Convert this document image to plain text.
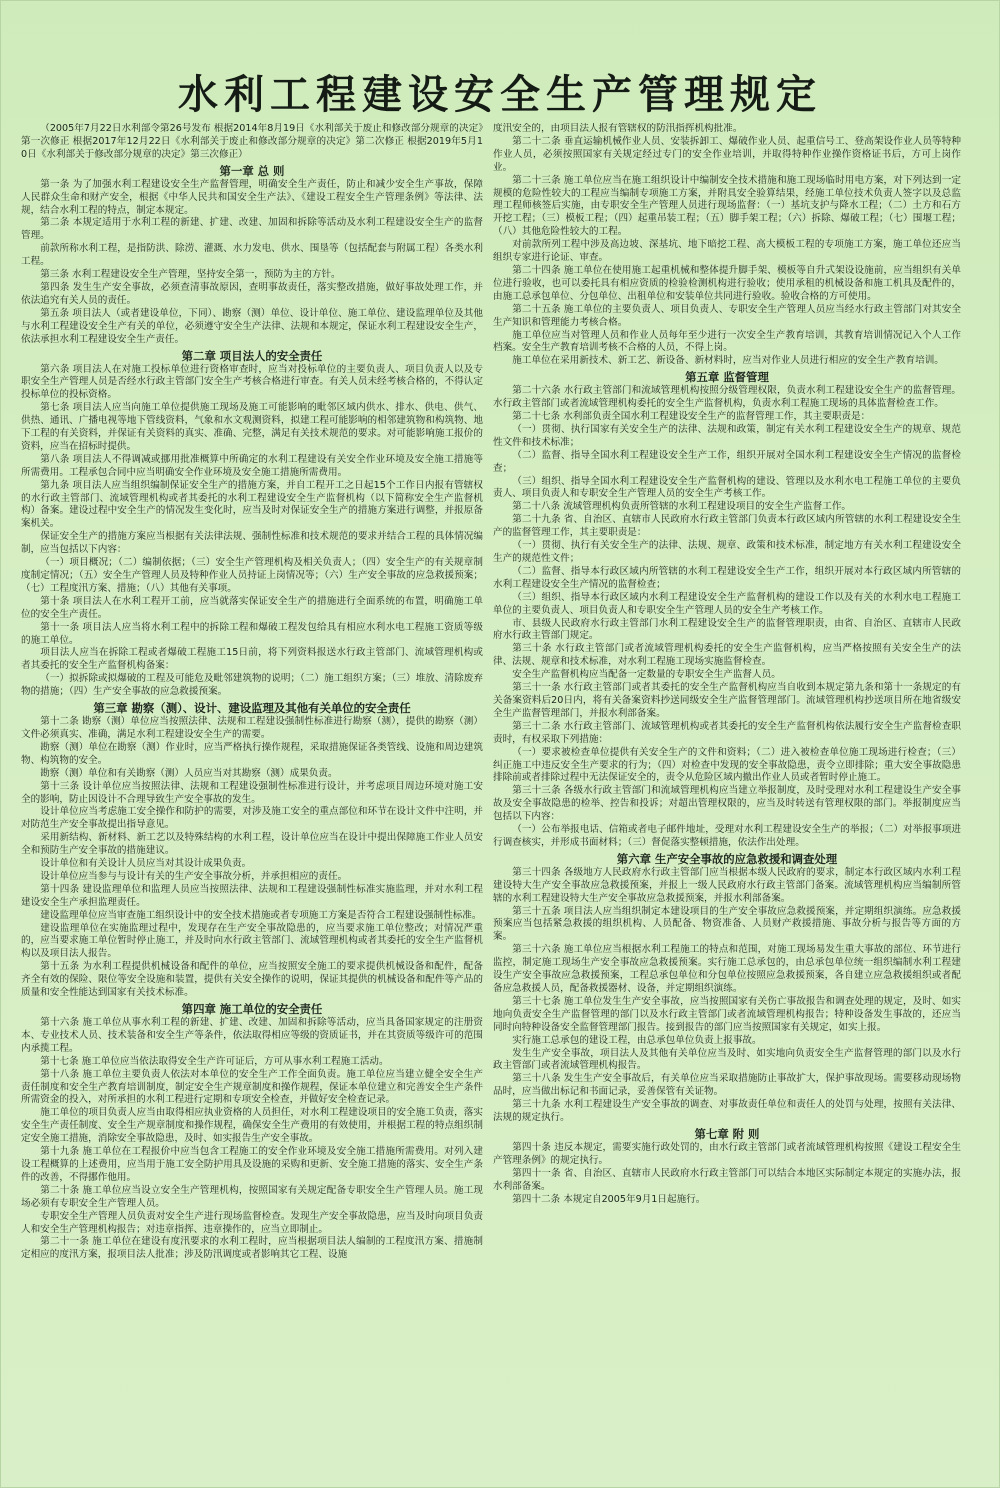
水利工程建设安全生产管理规定

（2005年7月22日水利部令第26号发布 根据2014年8月19日《水利部关于废止和修改部分规章的决定》第一次修正 根据2017年12月22日《水利部关于废止和修改部分规章的决定》第二次修正 根据2019年5月10日《水利部关于修改部分规章的决定》第三次修正）

第一章 总 则

第一条 为了加强水利工程建设安全生产监督管理，明确安全生产责任，防止和减少安全生产事故，保障人民群众生命和财产安全，根据《中华人民共和国安全生产法》、《建设工程安全生产管理条例》等法律、法规，结合水利工程的特点，制定本规定。

第二条 本规定适用于水利工程的新建、扩建、改建、加固和拆除等活动及水利工程建设安全生产的监督管理。

前款所称水利工程，是指防洪、除涝、灌溉、水力发电、供水、围垦等（包括配套与附属工程）各类水利工程。

第三条 水利工程建设安全生产管理，坚持安全第一，预防为主的方针。

第四条 发生生产安全事故，必须查清事故原因，查明事故责任，落实整改措施，做好事故处理工作，并依法追究有关人员的责任。

第五条 项目法人（或者建设单位，下同）、勘察（测）单位、设计单位、施工单位、建设监理单位及其他与水利工程建设安全生产有关的单位，必须遵守安全生产法律、法规和本规定，保证水利工程建设安全生产，依法承担水利工程建设安全生产责任。

第二章 项目法人的安全责任

第六条 项目法人在对施工投标单位进行资格审查时，应当对投标单位的主要负责人、项目负责人以及专职安全生产管理人员是否经水行政主管部门安全生产考核合格进行审查。有关人员未经考核合格的，不得认定投标单位的投标资格。

第七条 项目法人应当向施工单位提供施工现场及施工可能影响的毗邻区域内供水、排水、供电、供气、供热、通讯、广播电视等地下管线资料，气象和水文观测资料，拟建工程可能影响的相邻建筑物和构筑物、地下工程的有关资料，并保证有关资料的真实、准确、完整，满足有关技术规范的要求。对可能影响施工报价的资料，应当在招标时提供。

第八条 项目法人不得调减或挪用批准概算中所确定的水利工程建设有关安全作业环境及安全施工措施等所需费用。工程承包合同中应当明确安全作业环境及安全施工措施所需费用。

第九条 项目法人应当组织编制保证安全生产的措施方案，并自工程开工之日起15个工作日内报有管辖权的水行政主管部门、流域管理机构或者其委托的水利工程建设安全生产监督机构（以下简称安全生产监督机构）备案。建设过程中安全生产的情况发生变化时，应当及时对保证安全生产的措施方案进行调整，并报原备案机关。

保证安全生产的措施方案应当根据有关法律法规、强制性标准和技术规范的要求并结合工程的具体情况编制，应当包括以下内容：

（一）项目概况；（二）编制依据；（三）安全生产管理机构及相关负责人；（四）安全生产的有关规章制度制定情况；（五）安全生产管理人员及特种作业人员持证上岗情况等；（六）生产安全事故的应急救援预案；（七）工程度汛方案、措施；（八）其他有关事项。

第十条 项目法人在水利工程开工前，应当就落实保证安全生产的措施进行全面系统的布置，明确施工单位的安全生产责任。

第十一条 项目法人应当将水利工程中的拆除工程和爆破工程发包给具有相应水利水电工程施工资质等级的施工单位。

项目法人应当在拆除工程或者爆破工程施工15日前，将下列资料报送水行政主管部门、流域管理机构或者其委托的安全生产监督机构备案：

（一）拟拆除或拟爆破的工程及可能危及毗邻建筑物的说明；（二）施工组织方案；（三）堆放、清除废弃物的措施；（四）生产安全事故的应急救援预案。

第三章 勘察（测）、设计、建设监理及其他有关单位的安全责任

第十二条 勘察（测）单位应当按照法律、法规和工程建设强制性标准进行勘察（测），提供的勘察（测）文件必须真实、准确，满足水利工程建设安全生产的需要。

勘察（测）单位在勘察（测）作业时，应当严格执行操作规程，采取措施保证各类管线、设施和周边建筑物、构筑物的安全。

勘察（测）单位和有关勘察（测）人员应当对其勘察（测）成果负责。

第十三条 设计单位应当按照法律、法规和工程建设强制性标准进行设计，并考虑项目周边环境对施工安全的影响，防止因设计不合理导致生产安全事故的发生。

设计单位应当考虑施工安全操作和防护的需要，对涉及施工安全的重点部位和环节在设计文件中注明，并对防范生产安全事故提出指导意见。

采用新结构、新材料、新工艺以及特殊结构的水利工程，设计单位应当在设计中提出保障施工作业人员安全和预防生产安全事故的措施建议。

设计单位和有关设计人员应当对其设计成果负责。

设计单位应当参与与设计有关的生产安全事故分析，并承担相应的责任。

第十四条 建设监理单位和监理人员应当按照法律、法规和工程建设强制性标准实施监理，并对水利工程建设安全生产承担监理责任。

建设监理单位应当审查施工组织设计中的安全技术措施或者专项施工方案是否符合工程建设强制性标准。

建设监理单位在实施监理过程中，发现存在生产安全事故隐患的，应当要求施工单位整改；对情况严重的，应当要求施工单位暂时停止施工，并及时向水行政主管部门、流域管理机构或者其委托的安全生产监督机构以及项目法人报告。

第十五条 为水利工程提供机械设备和配件的单位，应当按照安全施工的要求提供机械设备和配件，配备齐全有效的保险、限位等安全设施和装置，提供有关安全操作的说明，保证其提供的机械设备和配件等产品的质量和安全性能达到国家有关技术标准。

第四章 施工单位的安全责任

第十六条 施工单位从事水利工程的新建、扩建、改建、加固和拆除等活动，应当具备国家规定的注册资本、专业技术人员、技术装备和安全生产等条件，依法取得相应等级的资质证书，并在其资质等级许可的范围内承揽工程。

第十七条 施工单位应当依法取得安全生产许可证后，方可从事水利工程施工活动。

第十八条 施工单位主要负责人依法对本单位的安全生产工作全面负责。施工单位应当建立健全安全生产责任制度和安全生产教育培训制度，制定安全生产规章制度和操作规程，保证本单位建立和完善安全生产条件所需资金的投入，对所承担的水利工程进行定期和专项安全检查，并做好安全检查记录。

施工单位的项目负责人应当由取得相应执业资格的人员担任，对水利工程建设项目的安全施工负责，落实安全生产责任制度、安全生产规章制度和操作规程，确保安全生产费用的有效使用，并根据工程的特点组织制定安全施工措施，消除安全事故隐患，及时、如实报告生产安全事故。

第十九条 施工单位在工程报价中应当包含工程施工的安全作业环境及安全施工措施所需费用。对列入建设工程概算的上述费用，应当用于施工安全防护用具及设施的采购和更新、安全施工措施的落实、安全生产条件的改善，不得挪作他用。

第二十条 施工单位应当设立安全生产管理机构，按照国家有关规定配备专职安全生产管理人员。施工现场必须有专职安全生产管理人员。

专职安全生产管理人员负责对安全生产进行现场监督检查。发现生产安全事故隐患，应当及时向项目负责人和安全生产管理机构报告；对违章指挥、违章操作的，应当立即制止。

第二十一条 施工单位在建设有度汛要求的水利工程时，应当根据项目法人编制的工程度汛方案、措施制定相应的度汛方案，报项目法人批准；涉及防汛调度或者影响其它工程、设施

度汛安全的，由项目法人报有管辖权的防汛指挥机构批准。

第二十二条 垂直运输机械作业人员、安装拆卸工、爆破作业人员、起重信号工、登高架设作业人员等特种作业人员，必须按照国家有关规定经过专门的安全作业培训，并取得特种作业操作资格证书后，方可上岗作业。

第二十三条 施工单位应当在施工组织设计中编制安全技术措施和施工现场临时用电方案，对下列达到一定规模的危险性较大的工程应当编制专项施工方案，并附具安全验算结果，经施工单位技术负责人签字以及总监理工程师核签后实施，由专职安全生产管理人员进行现场监督：（一）基坑支护与降水工程；（二）土方和石方开挖工程；（三）模板工程；（四）起重吊装工程；（五）脚手架工程；（六）拆除、爆破工程；（七）围堰工程；（八）其他危险性较大的工程。

对前款所列工程中涉及高边坡、深基坑、地下暗挖工程、高大模板工程的专项施工方案，施工单位还应当组织专家进行论证、审查。

第二十四条 施工单位在使用施工起重机械和整体提升脚手架、模板等自升式架设设施前，应当组织有关单位进行验收，也可以委托具有相应资质的检验检测机构进行验收；使用承租的机械设备和施工机具及配件的，由施工总承包单位、分包单位、出租单位和安装单位共同进行验收。验收合格的方可使用。

第二十五条 施工单位的主要负责人、项目负责人、专职安全生产管理人员应当经水行政主管部门对其安全生产知识和管理能力考核合格。

施工单位应当对管理人员和作业人员每年至少进行一次安全生产教育培训，其教育培训情况记入个人工作档案。安全生产教育培训考核不合格的人员，不得上岗。

施工单位在采用新技术、新工艺、新设备、新材料时，应当对作业人员进行相应的安全生产教育培训。

第五章 监督管理

第二十六条 水行政主管部门和流域管理机构按照分级管理权限，负责水利工程建设安全生产的监督管理。水行政主管部门或者流域管理机构委托的安全生产监督机构，负责水利工程施工现场的具体监督检查工作。

第二十七条 水利部负责全国水利工程建设安全生产的监督管理工作，其主要职责是：

（一）贯彻、执行国家有关安全生产的法律、法规和政策，制定有关水利工程建设安全生产的规章、规范性文件和技术标准；

（二）监督、指导全国水利工程建设安全生产工作，组织开展对全国水利工程建设安全生产情况的监督检查；

（三）组织、指导全国水利工程建设安全生产监督机构的建设、管理以及水利水电工程施工单位的主要负责人、项目负责人和专职安全生产管理人员的安全生产考核工作。

第二十八条 流域管理机构负责所管辖的水利工程建设项目的安全生产监督工作。

第二十九条 省、自治区、直辖市人民政府水行政主管部门负责本行政区域内所管辖的水利工程建设安全生产的监督管理工作，其主要职责是：

（一）贯彻、执行有关安全生产的法律、法规、规章、政策和技术标准，制定地方有关水利工程建设安全生产的规范性文件；

（二）监督、指导本行政区域内所管辖的水利工程建设安全生产工作，组织开展对本行政区域内所管辖的水利工程建设安全生产情况的监督检查；

（三）组织、指导本行政区域内水利工程建设安全生产监督机构的建设工作以及有关的水利水电工程施工单位的主要负责人、项目负责人和专职安全生产管理人员的安全生产考核工作。

市、县级人民政府水行政主管部门水利工程建设安全生产的监督管理职责，由省、自治区、直辖市人民政府水行政主管部门规定。

第三十条 水行政主管部门或者流域管理机构委托的安全生产监督机构，应当严格按照有关安全生产的法律、法规、规章和技术标准，对水利工程施工现场实施监督检查。

安全生产监督机构应当配备一定数量的专职安全生产监督人员。

第三十一条 水行政主管部门或者其委托的安全生产监督机构应当自收到本规定第九条和第十一条规定的有关备案资料后20日内，将有关备案资料抄送同级安全生产监督管理部门。流域管理机构抄送项目所在地省级安全生产监督管理部门，并报水利部备案。

第三十二条 水行政主管部门、流域管理机构或者其委托的安全生产监督机构依法履行安全生产监督检查职责时，有权采取下列措施：

（一）要求被检查单位提供有关安全生产的文件和资料；（二）进入被检查单位施工现场进行检查；（三）纠正施工中违反安全生产要求的行为；（四）对检查中发现的安全事故隐患，责令立即排除；重大安全事故隐患排除前或者排除过程中无法保证安全的，责令从危险区域内撤出作业人员或者暂时停止施工。

第三十三条 各级水行政主管部门和流域管理机构应当建立举报制度，及时受理对水利工程建设生产安全事故及安全事故隐患的检举、控告和投诉；对超出管理权限的，应当及时转送有管理权限的部门。举报制度应当包括以下内容：

（一）公布举报电话、信箱或者电子邮件地址，受理对水利工程建设安全生产的举报；（二）对举报事项进行调查核实，并形成书面材料；（三）督促落实整顿措施，依法作出处理。

第六章 生产安全事故的应急救援和调查处理

第三十四条 各级地方人民政府水行政主管部门应当根据本级人民政府的要求，制定本行政区域内水利工程建设特大生产安全事故应急救援预案，并报上一级人民政府水行政主管部门备案。流域管理机构应当编制所管辖的水利工程建设特大生产安全事故应急救援预案，并报水利部备案。

第三十五条 项目法人应当组织制定本建设项目的生产安全事故应急救援预案，并定期组织演练。应急救援预案应当包括紧急救援的组织机构、人员配备、物资准备、人员财产救援措施、事故分析与报告等方面的方案。

第三十六条 施工单位应当根据水利工程施工的特点和范围，对施工现场易发生重大事故的部位、环节进行监控，制定施工现场生产安全事故应急救援预案。实行施工总承包的，由总承包单位统一组织编制水利工程建设生产安全事故应急救援预案，工程总承包单位和分包单位按照应急救援预案，各自建立应急救援组织或者配备应急救援人员，配备救援器材、设备，并定期组织演练。

第三十七条 施工单位发生生产安全事故，应当按照国家有关伤亡事故报告和调查处理的规定，及时、如实地向负责安全生产监督管理的部门以及水行政主管部门或者流域管理机构报告；特种设备发生事故的，还应当同时向特种设备安全监督管理部门报告。接到报告的部门应当按照国家有关规定，如实上报。

实行施工总承包的建设工程，由总承包单位负责上报事故。

发生生产安全事故，项目法人及其他有关单位应当及时、如实地向负责安全生产监督管理的部门以及水行政主管部门或者流域管理机构报告。

第三十八条 发生生产安全事故后，有关单位应当采取措施防止事故扩大，保护事故现场。需要移动现场物品时，应当做出标记和书面记录，妥善保管有关证物。

第三十九条 水利工程建设生产安全事故的调查、对事故责任单位和责任人的处罚与处理，按照有关法律、法规的规定执行。

第七章 附 则

第四十条 违反本规定，需要实施行政处罚的，由水行政主管部门或者流域管理机构按照《建设工程安全生产管理条例》的规定执行。

第四十一条 省、自治区、直辖市人民政府水行政主管部门可以结合本地区实际制定本规定的实施办法，报水利部备案。

第四十二条 本规定自2005年9月1日起施行。
